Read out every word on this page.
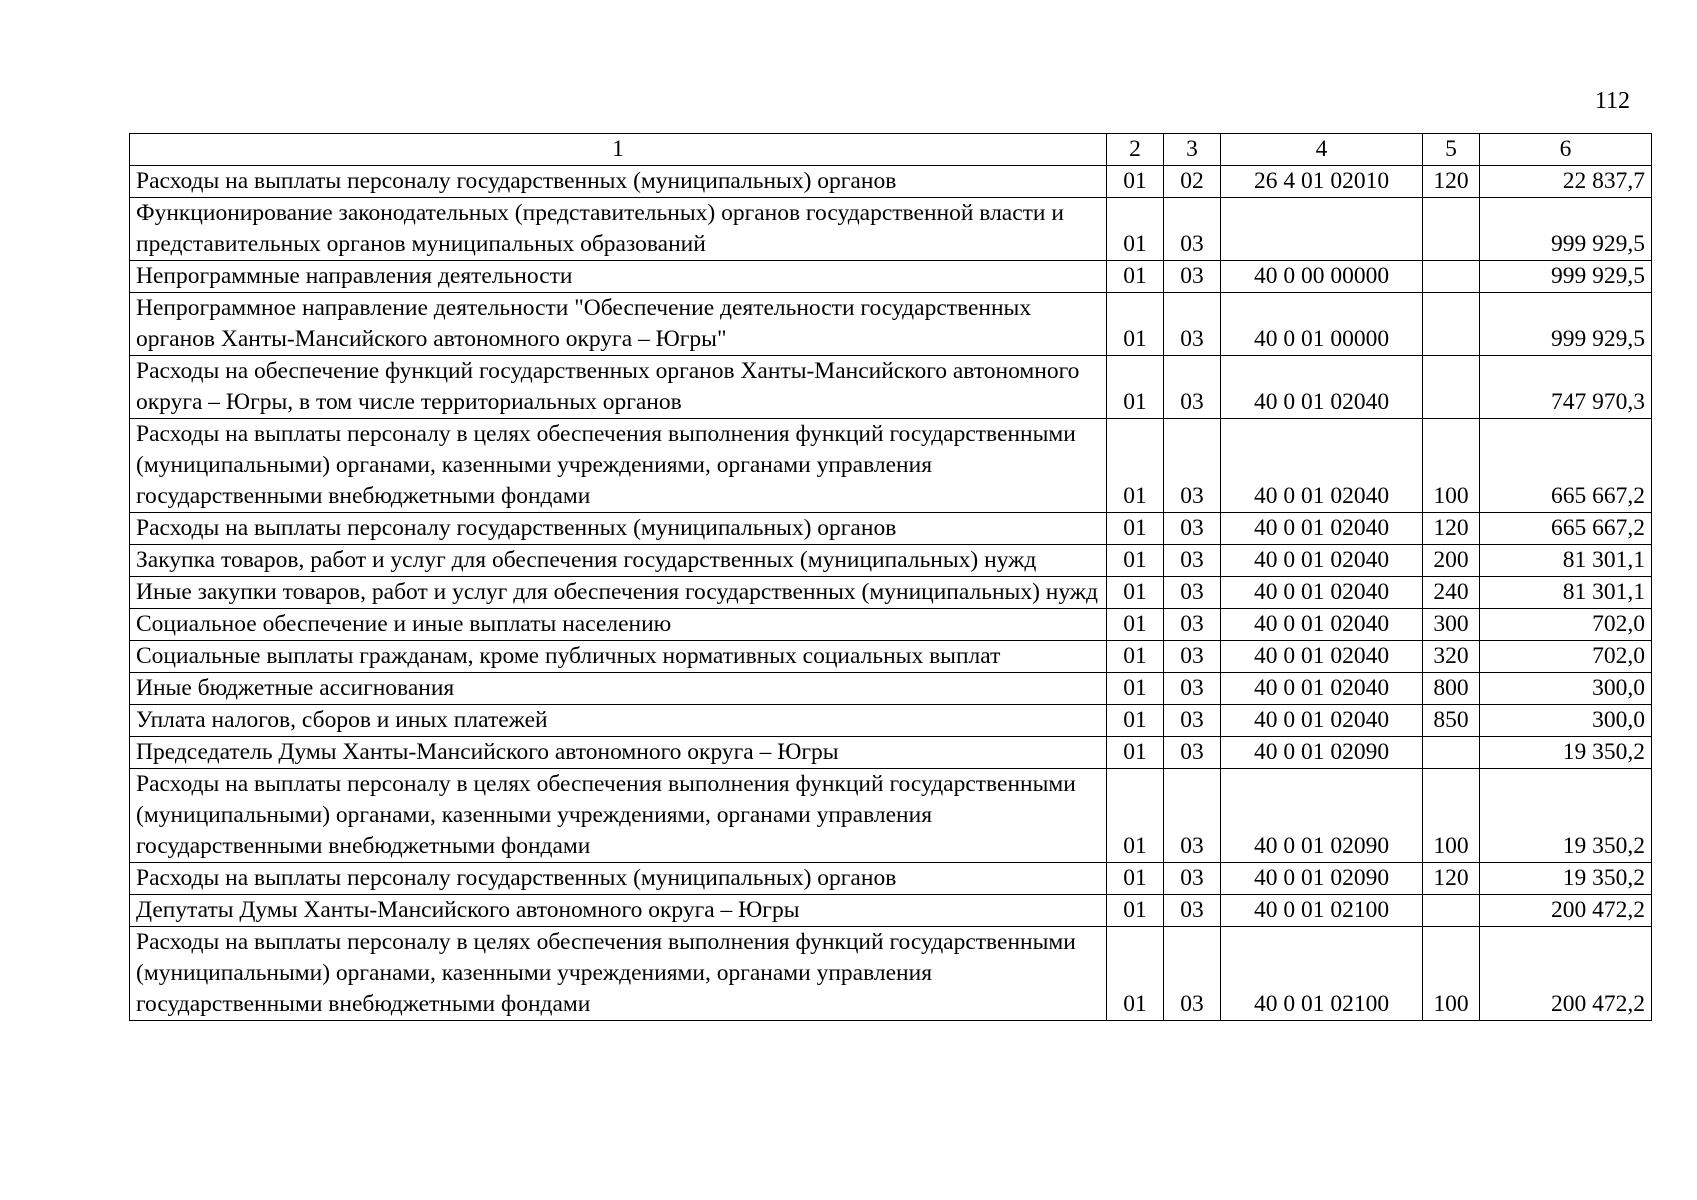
112
1	2	3	4	5	6
Расходы на выплаты персоналу государственных (муниципальных) органов	01	02	26 4 01 02010	120	22 837,7
Функционирование законодательных (представительных) органов государственной власти и представительных органов муниципальных образований	01	03			999 929,5
Непрограммные направления деятельности	01	03	40 0 00 00000		999 929,5
Непрограммное направление деятельности "Обеспечение деятельности государственных органов Ханты-Мансийского автономного округа – Югры"	01	03	40 0 01 00000		999 929,5
Расходы на обеспечение функций государственных органов Ханты-Мансийского автономного округа – Югры, в том числе территориальных органов	01	03	40 0 01 02040		747 970,3
Расходы на выплаты персоналу в целях обеспечения выполнения функций государственными (муниципальными) органами, казенными учреждениями, органами управления государственными внебюджетными фондами	01	03	40 0 01 02040	100	665 667,2
Расходы на выплаты персоналу государственных (муниципальных) органов	01	03	40 0 01 02040	120	665 667,2
Закупка товаров, работ и услуг для обеспечения государственных (муниципальных) нужд	01	03	40 0 01 02040	200	81 301,1
Иные закупки товаров, работ и услуг для обеспечения государственных (муниципальных) нужд	01	03	40 0 01 02040	240	81 301,1
Социальное обеспечение и иные выплаты населению	01	03	40 0 01 02040	300	702,0
Социальные выплаты гражданам, кроме публичных нормативных социальных выплат	01	03	40 0 01 02040	320	702,0
Иные бюджетные ассигнования	01	03	40 0 01 02040	800	300,0
Уплата налогов, сборов и иных платежей	01	03	40 0 01 02040	850	300,0
Председатель Думы Ханты-Мансийского автономного округа – Югры	01	03	40 0 01 02090		19 350,2
Расходы на выплаты персоналу в целях обеспечения выполнения функций государственными (муниципальными) органами, казенными учреждениями, органами управления государственными внебюджетными фондами	01	03	40 0 01 02090	100	19 350,2
Расходы на выплаты персоналу государственных (муниципальных) органов	01	03	40 0 01 02090	120	19 350,2
Депутаты Думы Ханты-Мансийского автономного округа – Югры	01	03	40 0 01 02100		200 472,2
Расходы на выплаты персоналу в целях обеспечения выполнения функций государственными (муниципальными) органами, казенными учреждениями, органами управления государственными внебюджетными фондами	01	03	40 0 01 02100	100	200 472,2
